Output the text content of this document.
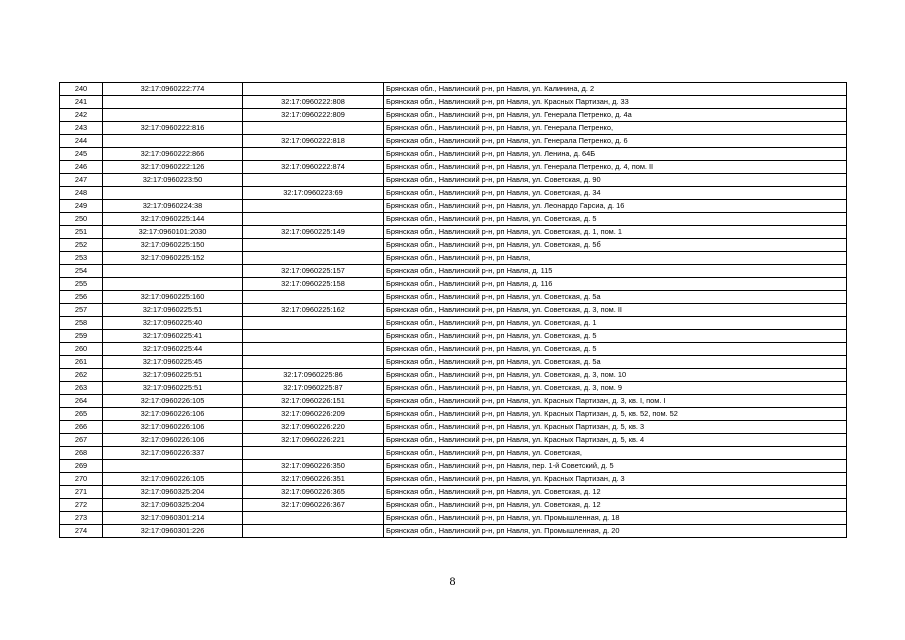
240	32:17:0960222:774		Брянская обл., Навлинский р-н, рп Навля, ул. Калинина, д. 2
241		32:17:0960222:808	Брянская обл., Навлинский р-н, рп Навля, ул. Красных Партизан, д. 33
242		32:17:0960222:809	Брянская обл., Навлинский р-н, рп Навля, ул. Генерала Петренко, д. 4а
243	32:17:0960222:816		Брянская обл., Навлинский р-н, рп Навля, ул. Генерала Петренко,
244		32:17:0960222:818	Брянская обл., Навлинский р-н, рп Навля, ул. Генерала Петренко, д. 6
245	32:17:0960222:866		Брянская обл., Навлинский р-н, рп Навля, ул. Ленина, д. 64Б
246	32:17:0960222:126	32:17:0960222:874	Брянская обл., Навлинский р-н, рп Навля, ул. Генерала Петренко, д. 4, пом. II
247	32:17:0960223:50		Брянская обл., Навлинский р-н, рп Навля, ул. Советская, д. 90
248		32:17:0960223:69	Брянская обл., Навлинский р-н, рп Навля, ул. Советская, д. 34
249	32:17:0960224:38		Брянская обл., Навлинский р-н, рп Навля, ул. Леонардо Гарсиа, д. 16
250	32:17:0960225:144		Брянская обл., Навлинский р-н, рп Навля, ул. Советская, д. 5
251	32:17:0960101:2030	32:17:0960225:149	Брянская обл., Навлинский р-н, рп Навля, ул. Советская, д. 1, пом. 1
252	32:17:0960225:150		Брянская обл., Навлинский р-н, рп Навля, ул. Советская, д. 5б
253	32:17:0960225:152		Брянская обл., Навлинский р-н, рп Навля,
254		32:17:0960225:157	Брянская обл., Навлинский р-н, рп Навля, д. 115
255		32:17:0960225:158	Брянская обл., Навлинский р-н, рп Навля, д. 116
256	32:17:0960225:160		Брянская обл., Навлинский р-н, рп Навля, ул. Советская, д. 5а
257	32:17:0960225:51	32:17:0960225:162	Брянская обл., Навлинский р-н, рп Навля, ул. Советская, д. 3, пом. II
258	32:17:0960225:40		Брянская обл., Навлинский р-н, рп Навля, ул. Советская, д. 1
259	32:17:0960225:41		Брянская обл., Навлинский р-н, рп Навля, ул. Советская, д. 5
260	32:17:0960225:44		Брянская обл., Навлинский р-н, рп Навля, ул. Советская, д. 5
261	32:17:0960225:45		Брянская обл., Навлинский р-н, рп Навля, ул. Советская, д. 5а
262	32:17:0960225:51	32:17:0960225:86	Брянская обл., Навлинский р-н, рп Навля, ул. Советская, д. 3, пом. 10
263	32:17:0960225:51	32:17:0960225:87	Брянская обл., Навлинский р-н, рп Навля, ул. Советская, д. 3, пом. 9
264	32:17:0960226:105	32:17:0960226:151	Брянская обл., Навлинский р-н, рп Навля, ул. Красных Партизан, д. 3, кв. I, пом. I
265	32:17:0960226:106	32:17:0960226:209	Брянская обл., Навлинский р-н, рп Навля, ул. Красных Партизан, д. 5, кв. 52, пом. 52
266	32:17:0960226:106	32:17:0960226:220	Брянская обл., Навлинский р-н, рп Навля, ул. Красных Партизан, д. 5, кв. 3
267	32:17:0960226:106	32:17:0960226:221	Брянская обл., Навлинский р-н, рп Навля, ул. Красных Партизан, д. 5, кв. 4
268	32:17:0960226:337		Брянская обл., Навлинский р-н, рп Навля, ул. Советская,
269		32:17:0960226:350	Брянская обл., Навлинский р-н, рп Навля, пер. 1-й Советский, д. 5
270	32:17:0960226:105	32:17:0960226:351	Брянская обл., Навлинский р-н, рп Навля, ул. Красных Партизан, д. 3
271	32:17:0960325:204	32:17:0960226:365	Брянская обл., Навлинский р-н, рп Навля, ул. Советская, д. 12
272	32:17:0960325:204	32:17:0960226:367	Брянская обл., Навлинский р-н, рп Навля, ул. Советская, д. 12
273	32:17:0960301:214		Брянская обл., Навлинский р-н, рп Навля, ул. Промышленная, д. 18
274	32:17:0960301:226		Брянская обл., Навлинский р-н, рп Навля, ул. Промышленная, д. 20
8
